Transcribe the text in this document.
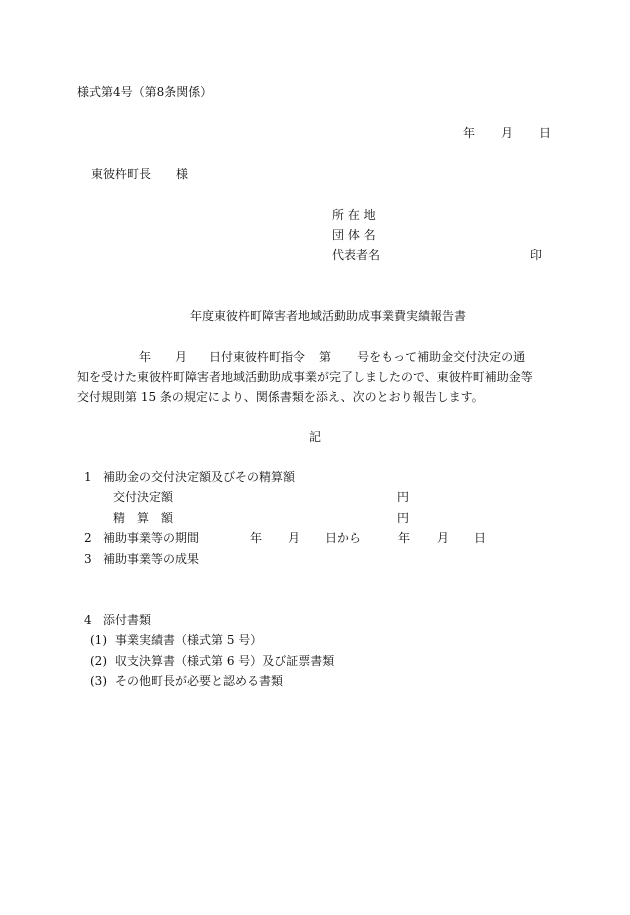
様式第4号（第8条関係）
年 月 日
東彼杵町長 様
所 在 地
団 体 名
代表者名	印
年度東彼杵町障害者地域活動助成事業費実績報告書
年 月 日付東彼杵町指令 第 号をもって補助金交付決定の通
知を受けた東彼杵町障害者地域活動助成事業が完了しましたので、東彼杵町補助金等
交付規則第 15 条の規定により、関係書類を添え、次のとおり報告します。
記
1 補助金の交付決定額及びその精算額
交付決定額	円
精　算　額	円
2 補助事業等の期間	年 月 日から	年 月 日
3 補助事業等の成果
4 添付書類
(1) 事業実績書（様式第 5 号）
(2) 収支決算書（様式第 6 号）及び証票書類
(3) その他町長が必要と認める書類
